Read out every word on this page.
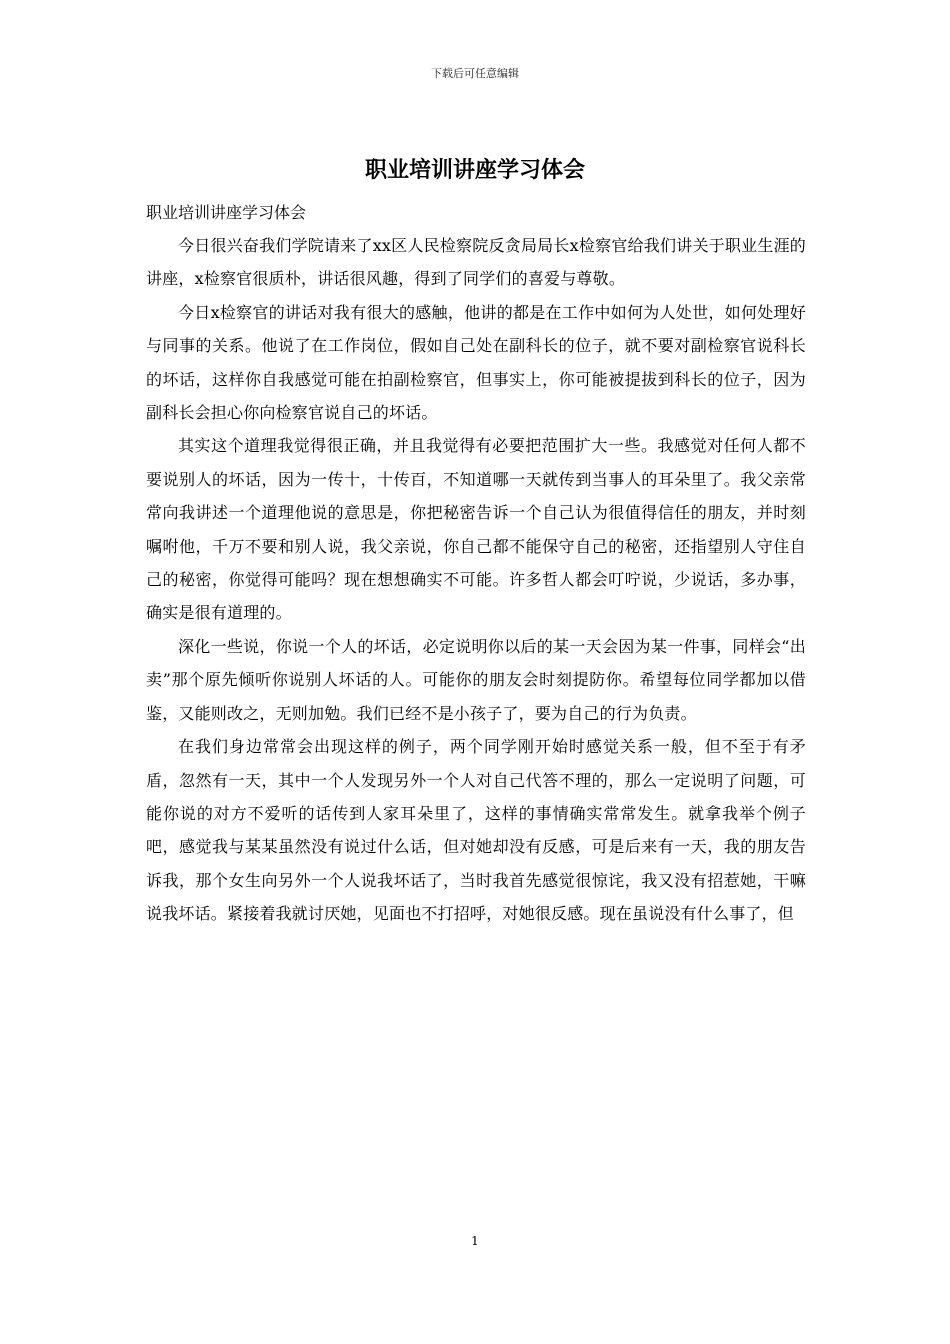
下载后可任意编辑
职业培训讲座学习体会

职业培训讲座学习体会

今日很兴奋我们学院请来了xx区人民检察院反贪局局长x检察官给我们讲关于职业生涯的讲座，x检察官很质朴，讲话很风趣，得到了同学们的喜爱与尊敬。

今日x检察官的讲话对我有很大的感触，他讲的都是在工作中如何为人处世，如何处理好与同事的关系。他说了在工作岗位，假如自己处在副科长的位子，就不要对副检察官说科长的坏话，这样你自我感觉可能在拍副检察官，但事实上，你可能被提拔到科长的位子，因为副科长会担心你向检察官说自己的坏话。

其实这个道理我觉得很正确，并且我觉得有必要把范围扩大一些。我感觉对任何人都不要说别人的坏话，因为一传十，十传百，不知道哪一天就传到当事人的耳朵里了。我父亲常常向我讲述一个道理他说的意思是，你把秘密告诉一个自己认为很值得信任的朋友，并时刻嘱咐他，千万不要和别人说，我父亲说，你自己都不能保守自己的秘密，还指望别人守住自己的秘密，你觉得可能吗？现在想想确实不可能。许多哲人都会叮咛说，少说话，多办事，确实是很有道理的。

深化一些说，你说一个人的坏话，必定说明你以后的某一天会因为某一件事，同样会“出卖”那个原先倾听你说别人坏话的人。可能你的朋友会时刻提防你。希望每位同学都加以借鉴，又能则改之，无则加勉。我们已经不是小孩子了，要为自己的行为负责。

在我们身边常常会出现这样的例子，两个同学刚开始时感觉关系一般，但不至于有矛盾，忽然有一天，其中一个人发现另外一个人对自己代答不理的，那么一定说明了问题，可能你说的对方不爱听的话传到人家耳朵里了，这样的事情确实常常发生。就拿我举个例子吧，感觉我与某某虽然没有说过什么话，但对她却没有反感，可是后来有一天，我的朋友告诉我，那个女生向另外一个人说我坏话了，当时我首先感觉很惊诧，我又没有招惹她，干嘛说我坏话。紧接着我就讨厌她，见面也不打招呼，对她很反感。现在虽说没有什么事了，但

1
